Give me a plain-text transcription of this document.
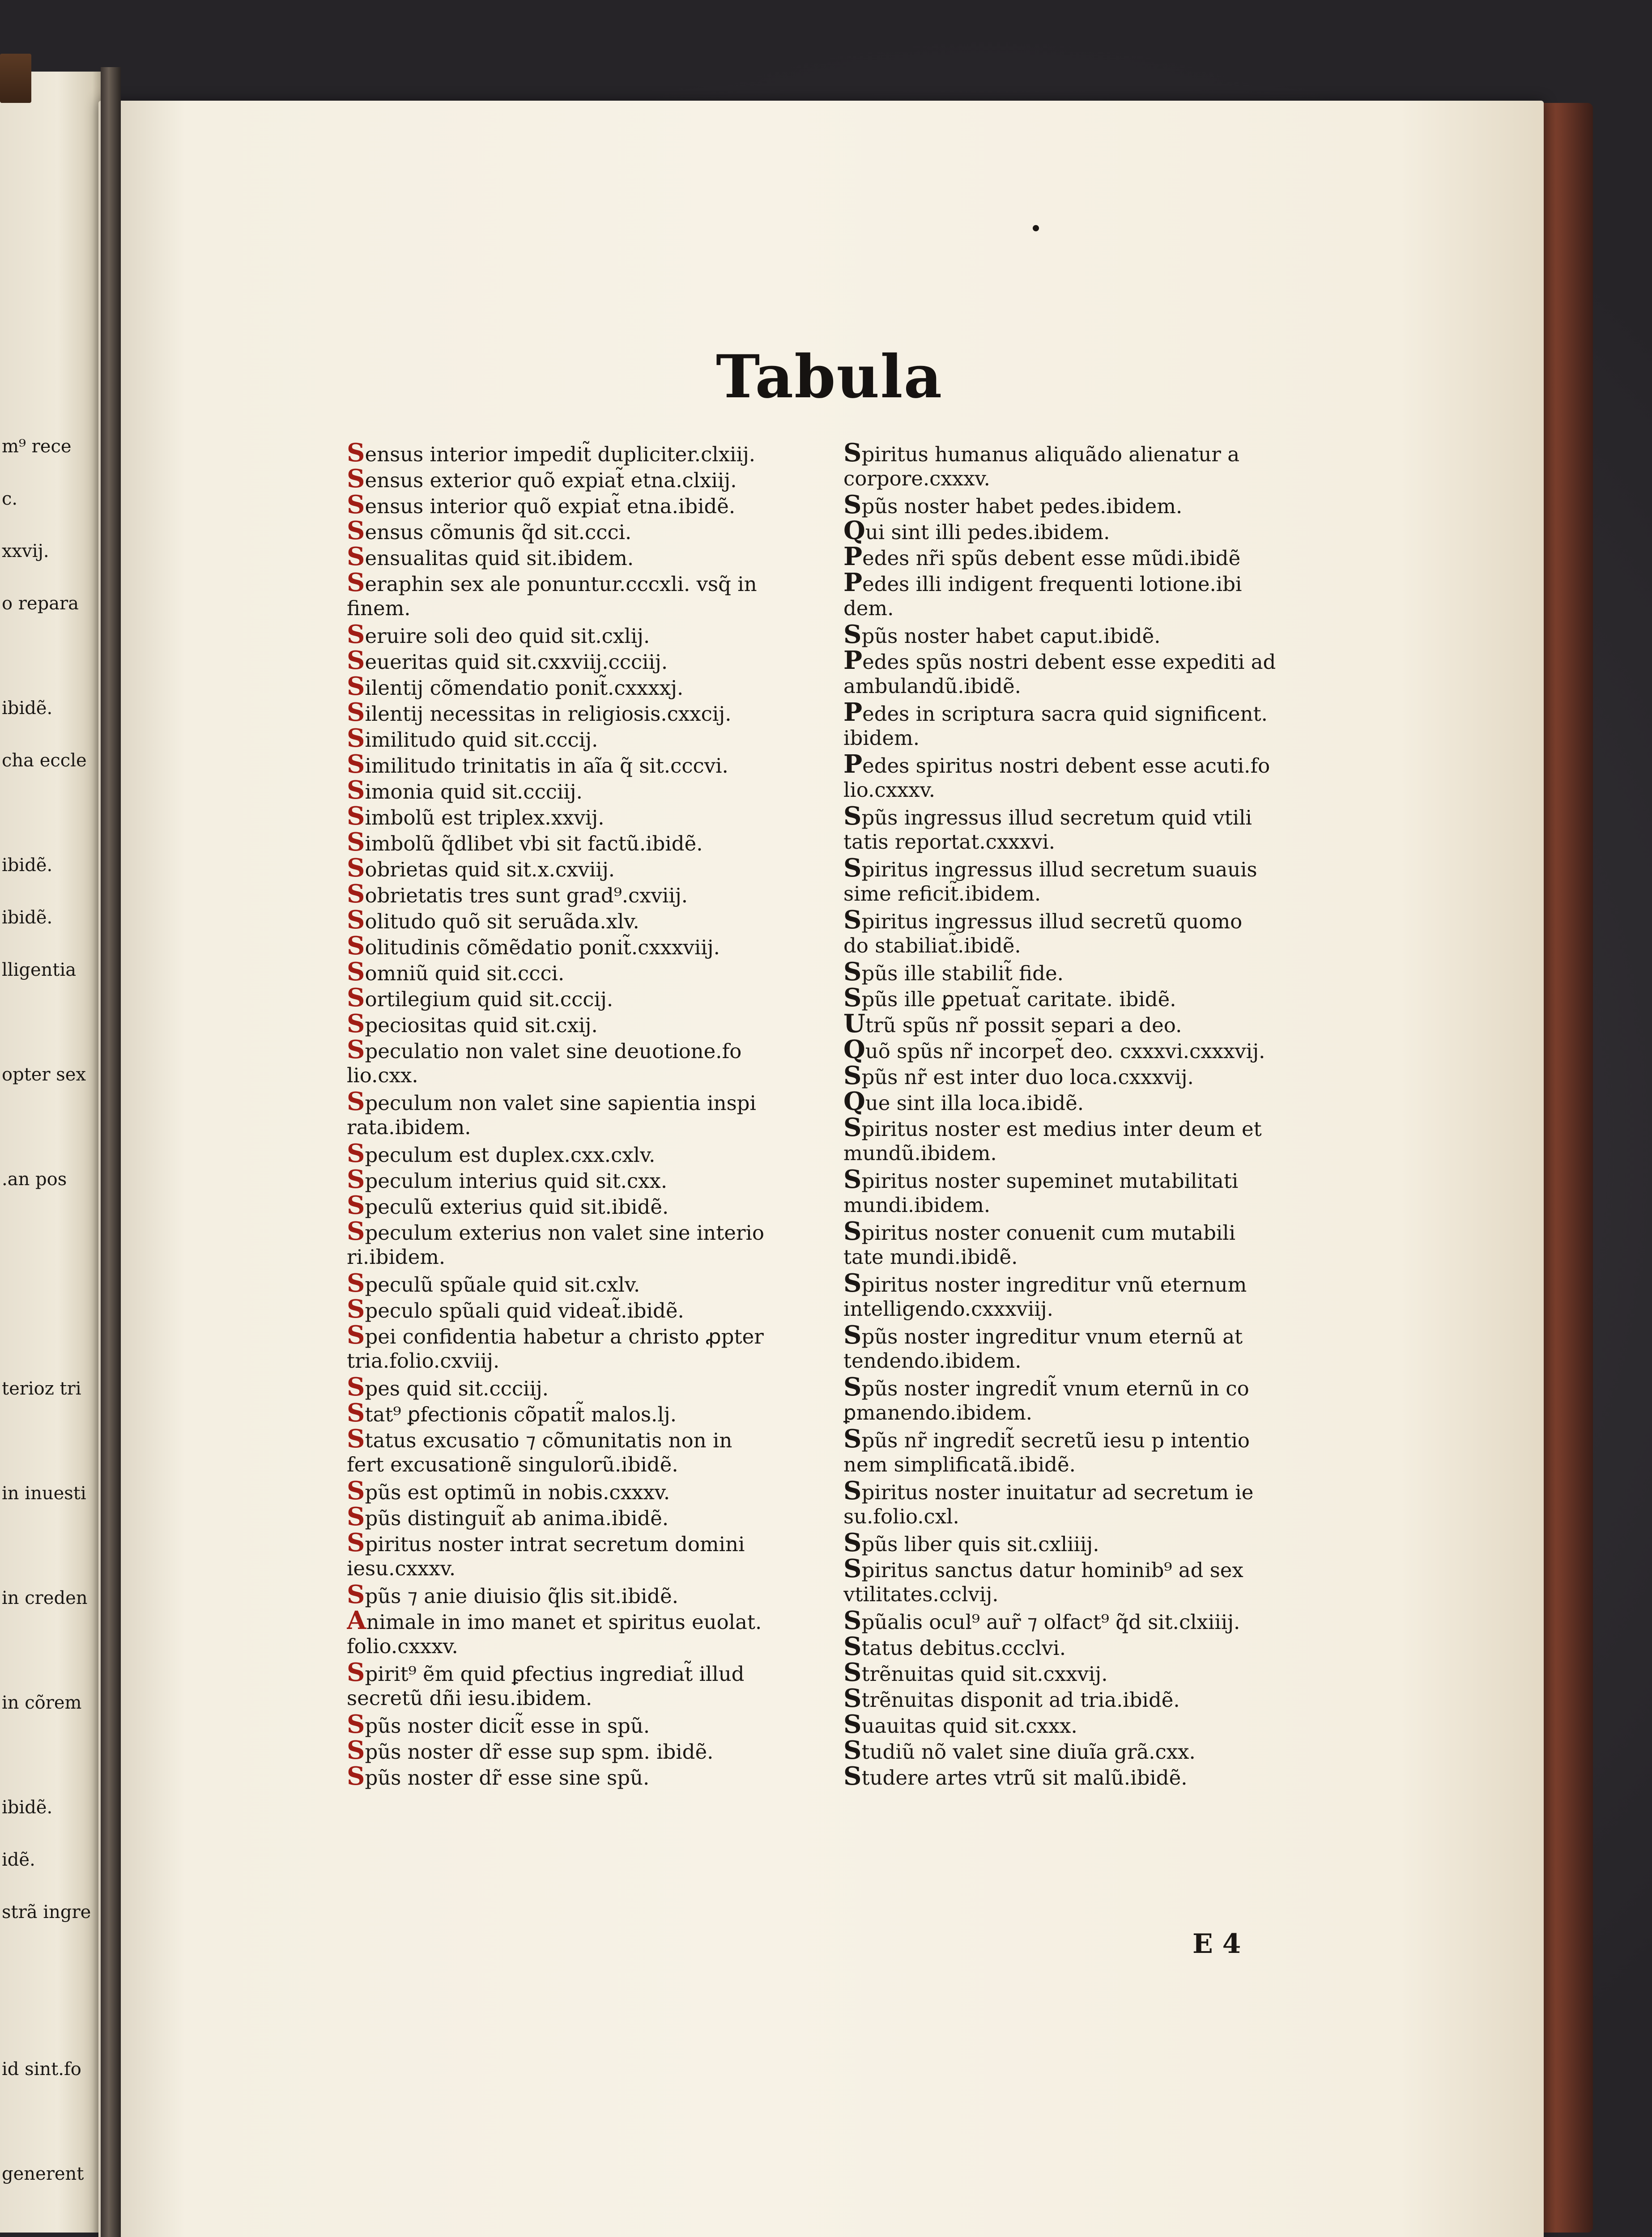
m⁹ rece
c.
xxvij.
o repara
ibidẽ.
cha eccle
ibidẽ.
ibidẽ.
lligentia
opter sex
.an pos
terioz tri
in inuesti
in creden
in cõrem
ibidẽ.
idẽ.
strã ingre
id sint.fo
generent
Tabula
Sensus interior impedit̃ dupliciter.clxiij.
Sensus exterior quõ expiat̃ etna.clxiij.
Sensus interior quõ expiat̃ etna.ibidẽ.
Sensus cõmunis q̃d sit.ccci.
Sensualitas quid sit.ibidem.
Seraphin sex ale ponuntur.cccxli. vsq̃ in
finem.
Seruire soli deo quid sit.cxlij.
Seueritas quid sit.cxxviij.ccciij.
Silentij cõmendatio ponit̃.cxxxxj.
Silentij necessitas in religiosis.cxxcij.
Similitudo quid sit.cccij.
Similitudo trinitatis in aĩa q̃ sit.cccvi.
Simonia quid sit.ccciij.
Simbolũ est triplex.xxvij.
Simbolũ q̃dlibet vbi sit factũ.ibidẽ.
Sobrietas quid sit.x.cxviij.
Sobrietatis tres sunt grad⁹.cxviij.
Solitudo quõ sit seruãda.xlv.
Solitudinis cõmẽdatio ponit̃.cxxxviij.
Somniũ quid sit.ccci.
Sortilegium quid sit.cccij.
Speciositas quid sit.cxij.
Speculatio non valet sine deuotione.fo
lio.cxx.
Speculum non valet sine sapientia inspi
rata.ibidem.
Speculum est duplex.cxx.cxlv.
Speculum interius quid sit.cxx.
Speculũ exterius quid sit.ibidẽ.
Speculum exterius non valet sine interio
ri.ibidem.
Speculũ spũale quid sit.cxlv.
Speculo spũali quid videat̃.ibidẽ.
Spei confidentia habetur a christo ꝓpter
tria.folio.cxviij.
Spes quid sit.ccciij.
Stat⁹ ꝑfectionis cõpatit̃ malos.lj.
Status excusatio ⁊ cõmunitatis non in
fert excusationẽ singulorũ.ibidẽ.
Spũs est optimũ in nobis.cxxxv.
Spũs distinguit̃ ab anima.ibidẽ.
Spiritus noster intrat secretum domini
iesu.cxxxv.
Spũs ⁊ anie diuisio q̃lis sit.ibidẽ.
Animale in imo manet et spiritus euolat.
folio.cxxxv.
Spirit⁹ ẽm quid ꝑfectius ingrediat̃ illud
secretũ dñi iesu.ibidem.
Spũs noster dicit̃ esse in spũ.
Spũs noster dr̃ esse sup spm. ibidẽ.
Spũs noster dr̃ esse sine spũ.
Spiritus humanus aliquãdo alienatur a
corpore.cxxxv.
Spũs noster habet pedes.ibidem.
Qui sint illi pedes.ibidem.
Pedes nr̃i spũs debent esse mũdi.ibidẽ
Pedes illi indigent frequenti lotione.ibi
dem.
Spũs noster habet caput.ibidẽ.
Pedes spũs nostri debent esse expediti ad
ambulandũ.ibidẽ.
Pedes in scriptura sacra quid significent.
ibidem.
Pedes spiritus nostri debent esse acuti.fo
lio.cxxxv.
Spũs ingressus illud secretum quid vtili
tatis reportat.cxxxvi.
Spiritus ingressus illud secretum suauis
sime reficit̃.ibidem.
Spiritus ingressus illud secretũ quomo
do stabiliat̃.ibidẽ.
Spũs ille stabilit̃ fide.
Spũs ille ꝑpetuat̃ caritate. ibidẽ.
Utrũ spũs nr̃ possit separi a deo.
Quõ spũs nr̃ incorpet̃ deo. cxxxvi.cxxxvij.
Spũs nr̃ est inter duo loca.cxxxvij.
Que sint illa loca.ibidẽ.
Spiritus noster est medius inter deum et
mundũ.ibidem.
Spiritus noster supeminet mutabilitati
mundi.ibidem.
Spiritus noster conuenit cum mutabili
tate mundi.ibidẽ.
Spiritus noster ingreditur vnũ eternum
intelligendo.cxxxviij.
Spũs noster ingreditur vnum eternũ at
tendendo.ibidem.
Spũs noster ingredit̃ vnum eternũ in co
ꝑmanendo.ibidem.
Spũs nr̃ ingredit̃ secretũ iesu p intentio
nem simplificatã.ibidẽ.
Spiritus noster inuitatur ad secretum ie
su.folio.cxl.
Spũs liber quis sit.cxliiij.
Spiritus sanctus datur hominib⁹ ad sex
vtilitates.cclvij.
Spũalis ocul⁹ aur̃ ⁊ olfact⁹ q̃d sit.clxiiij.
Status debitus.ccclvi.
Strẽnuitas quid sit.cxxvij.
Strẽnuitas disponit ad tria.ibidẽ.
Suauitas quid sit.cxxx.
Studiũ nõ valet sine diuĩa grã.cxx.
Studere artes vtrũ sit malũ.ibidẽ.
E 4
